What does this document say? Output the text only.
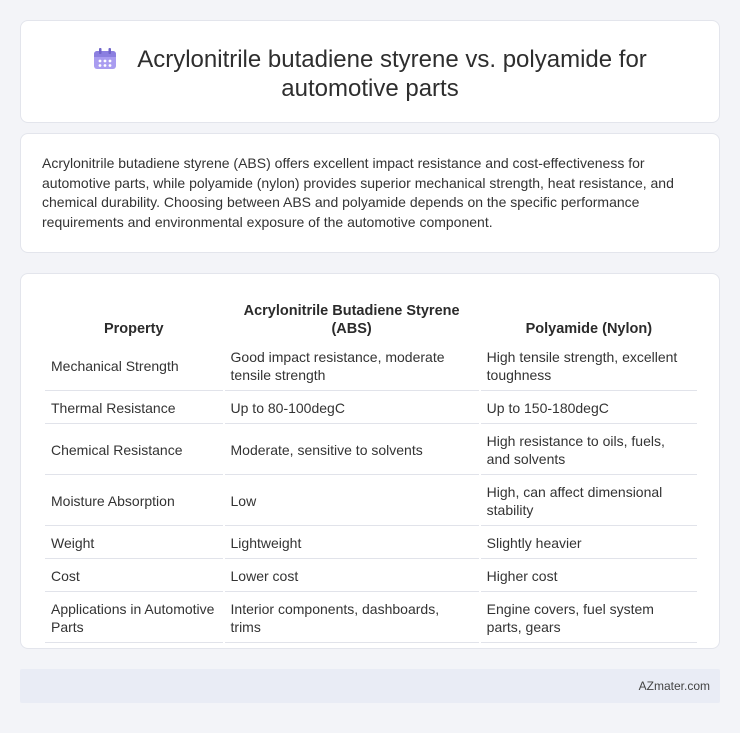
Acrylonitrile butadiene styrene vs. polyamide for
automotive parts

Acrylonitrile butadiene styrene (ABS) offers excellent impact resistance and cost-effectiveness for automotive parts, while polyamide (nylon) provides superior mechanical strength, heat resistance, and chemical durability. Choosing between ABS and polyamide depends on the specific performance requirements and environmental exposure of the automotive component.

Property	Acrylonitrile Butadiene Styrene (ABS)	Polyamide (Nylon)
Mechanical Strength	Good impact resistance, moderate tensile strength	High tensile strength, excellent toughness
Thermal Resistance	Up to 80-100degC	Up to 150-180degC
Chemical Resistance	Moderate, sensitive to solvents	High resistance to oils, fuels, and solvents
Moisture Absorption	Low	High, can affect dimensional stability
Weight	Lightweight	Slightly heavier
Cost	Lower cost	Higher cost
Applications in Automotive Parts	Interior components, dashboards, trims	Engine covers, fuel system parts, gears
AZmater.com
